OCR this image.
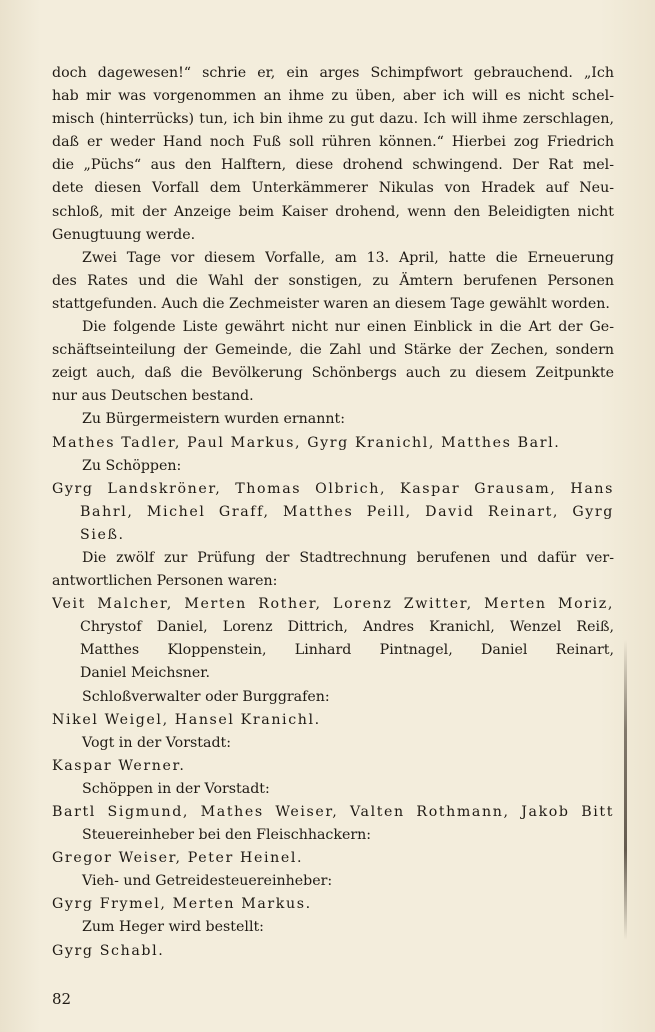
doch dagewesen!“ schrie er, ein arges Schimpfwort gebrauchend. „Ich
hab mir was vorgenommen an ihme zu üben, aber ich will es nicht schel-
misch (hinterrücks) tun, ich bin ihme zu gut dazu. Ich will ihme zerschlagen,
daß er weder Hand noch Fuß soll rühren können.“ Hierbei zog Friedrich
die „Püchs“ aus den Halftern, diese drohend schwingend. Der Rat mel-
dete diesen Vorfall dem Unterkämmerer Nikulas von Hradek auf Neu-
schloß, mit der Anzeige beim Kaiser drohend, wenn den Beleidigten nicht
Genugtuung werde.
Zwei Tage vor diesem Vorfalle, am 13. April, hatte die Erneuerung
des Rates und die Wahl der sonstigen, zu Ämtern berufenen Personen
stattgefunden. Auch die Zechmeister waren an diesem Tage gewählt worden.
Die folgende Liste gewährt nicht nur einen Einblick in die Art der Ge-
schäftseinteilung der Gemeinde, die Zahl und Stärke der Zechen, sondern
zeigt auch, daß die Bevölkerung Schönbergs auch zu diesem Zeitpunkte
nur aus Deutschen bestand.
Zu Bürgermeistern wurden ernannt:
Mathes Tadler, Paul Markus, Gyrg Kranichl, Matthes Barl.
Zu Schöppen:
Gyrg Landskröner, Thomas Olbrich, Kaspar Grausam, Hans
Bahrl, Michel Graff, Matthes Peill, David Reinart, Gyrg
Sieß.
Die zwölf zur Prüfung der Stadtrechnung berufenen und dafür ver-
antwortlichen Personen waren:
Veit Malcher, Merten Rother, Lorenz Zwitter, Merten Moriz,
Chrystof Daniel, Lorenz Dittrich, Andres Kranichl, Wenzel Reiß,
Matthes Kloppenstein, Linhard Pintnagel, Daniel Reinart,
Daniel Meichsner.
Schloßverwalter oder Burggrafen:
Nikel Weigel, Hansel Kranichl.
Vogt in der Vorstadt:
Kaspar Werner.
Schöppen in der Vorstadt:
Bartl Sigmund, Mathes Weiser, Valten Rothmann, Jakob Bitt
Steuereinheber bei den Fleischhackern:
Gregor Weiser, Peter Heinel.
Vieh- und Getreidesteuereinheber:
Gyrg Frymel, Merten Markus.
Zum Heger wird bestellt:
Gyrg Schabl.
82
